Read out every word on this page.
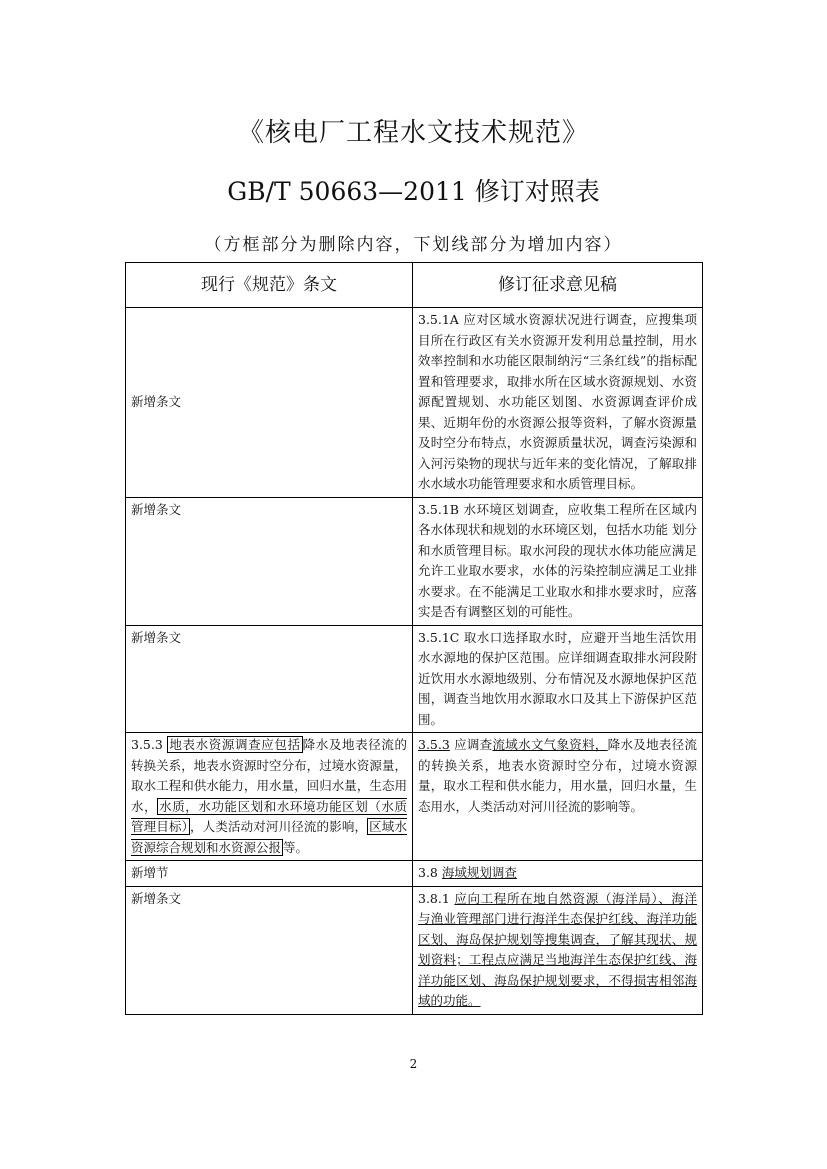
《核电厂工程水文技术规范》
GB/T 50663—2011 修订对照表
（方框部分为删除内容，下划线部分为增加内容）
现行《规范》条文	修订征求意见稿
新增条文	3.5.1A 应对区域水资源状况进行调查，应搜集项目所在行政区有关水资源开发利用总量控制，用水效率控制和水功能区限制纳污“三条红线”的指标配置和管理要求，取排水所在区域水资源规划、水资源配置规划、水功能区划图、水资源调查评价成果、近期年份的水资源公报等资料，了解水资源量及时空分布特点，水资源质量状况，调查污染源和入河污染物的现状与近年来的变化情况，了解取排水水域水功能管理要求和水质管理目标。
新增条文	3.5.1B 水环境区划调查，应收集工程所在区域内各水体现状和规划的水环境区划，包括水功能 划分和水质管理目标。取水河段的现状水体功能应满足允许工业取水要求，水体的污染控制应满足工业排水要求。在不能满足工业取水和排水要求时，应落实是否有调整区划的可能性。
新增条文	3.5.1C 取水口选择取水时，应避开当地生活饮用水水源地的保护区范围。应详细调查取排水河段附近饮用水水源地级别、分布情况及水源地保护区范围，调查当地饮用水源取水口及其上下游保护区范围。
3.5.3 地表水资源调查应包括 降水及地表径流的转换关系，地表水资源时空分布，过境水资源量，取水工程和供水能力，用水量，回归水量，生态用水， 水质，水功能区划和水环境功能区划（水质管理目标） ，人类活动对河川径流的影响， 区域水资源综合规划和水资源公报 等。	3.5.3 应调查流域水文气象资料，降水及地表径流的转换关系，地表水资源时空分布，过境水资源量，取水工程和供水能力，用水量，回归水量，生态用水，人类活动对河川径流的影响等。
新增节	3.8 海域规划调查
新增条文	3.8.1 应向工程所在地自然资源（海洋局）、海洋与渔业管理部门进行海洋生态保护红线、海洋功能区划、海岛保护规划等搜集调查，了解其现状、规划资料；工程点应满足当地海洋生态保护红线、海洋功能区划、海岛保护规划要求，不得损害相邻海域的功能。
2
